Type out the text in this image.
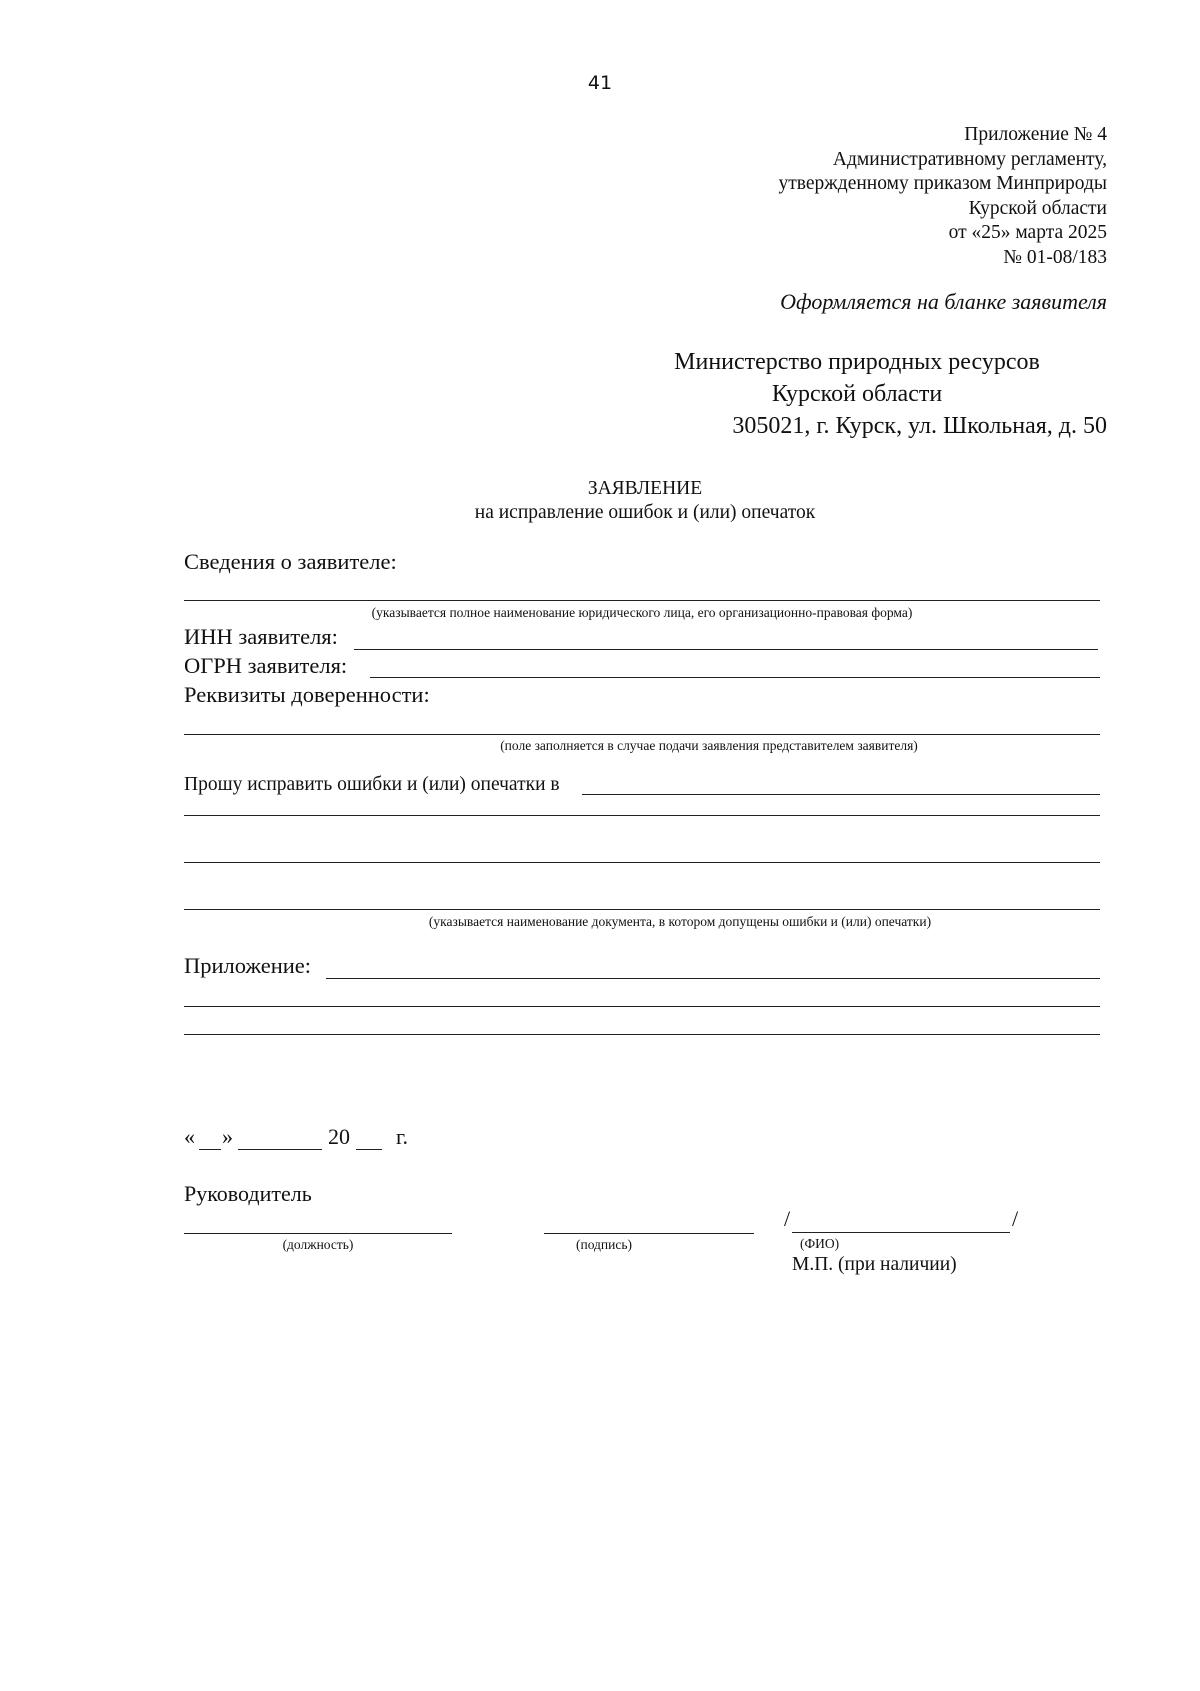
41
Приложение № 4
Административному регламенту,
утвержденному приказом Минприроды
Курской области
от «25» марта 2025
№ 01-08/183
Оформляется на бланке заявителя
Министерство природных ресурсов
Курской области
305021, г. Курск, ул. Школьная, д. 50
ЗАЯВЛЕНИЕ
на исправление ошибок и (или) опечаток
Сведения о заявителе:
(указывается полное наименование юридического лица, его организационно-правовая форма)
ИНН заявителя:
ОГРН заявителя:
Реквизиты доверенности:
(поле заполняется в случае подачи заявления представителем заявителя)
Прошу исправить ошибки и (или) опечатки в
(указывается наименование документа, в котором допущены ошибки и (или) опечатки)
Приложение:
« »	20 г.
Руководитель
(должность)	(подпись)
/	/
(ФИО)
М.П. (при наличии)
